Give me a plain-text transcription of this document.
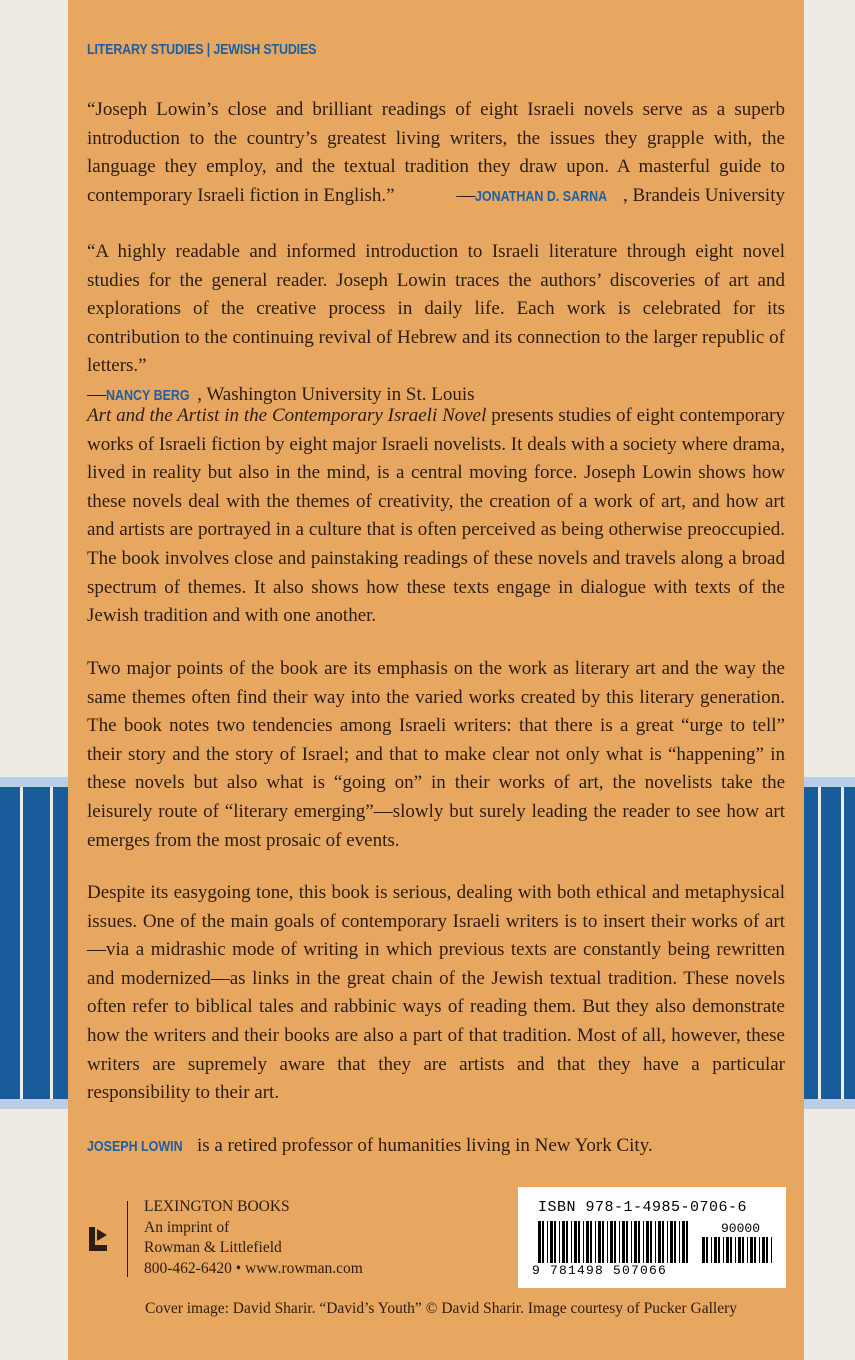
LITERARY STUDIES | JEWISH STUDIES

“Joseph Lowin’s close and brilliant readings of eight Israeli novels serve as a superb introduction to the country’s greatest living writers, the issues they grapple with, the language they employ, and the textual tradition they draw upon. A masterful guide to contemporary Israeli fiction in English.”	—JONATHAN D. SARNA , Brandeis University

“A highly readable and informed introduction to Israeli literature through eight novel studies for the general reader. Joseph Lowin traces the authors’ discoveries of art and explorations of the creative process in daily life. Each work is celebrated for its contribution to the continuing revival of Hebrew and its connection to the larger republic of letters.”
—NANCY BERG , Washington University in St. Louis

Art and the Artist in the Contemporary Israeli Novel presents studies of eight contemporary works of Israeli fiction by eight major Israeli novelists. It deals with a society where drama, lived in reality but also in the mind, is a central moving force. Joseph Lowin shows how these novels deal with the themes of creativity, the creation of a work of art, and how art and artists are portrayed in a culture that is often perceived as being otherwise preoccupied. The book involves close and painstaking readings of these novels and travels along a broad spectrum of themes. It also shows how these texts engage in dialogue with texts of the Jewish tradition and with one another.

Two major points of the book are its emphasis on the work as literary art and the way the same themes often find their way into the varied works created by this literary generation. The book notes two tendencies among Israeli writers: that there is a great “urge to tell” their story and the story of Israel; and that to make clear not only what is “happening” in these novels but also what is “going on” in their works of art, the novelists take the leisurely route of “literary emerging”—slowly but surely leading the reader to see how art emerges from the most prosaic of events.

Despite its easygoing tone, this book is serious, dealing with both ethical and metaphysical issues. One of the main goals of contemporary Israeli writers is to insert their works of art—via a midrashic mode of writing in which previous texts are constantly being rewritten and modernized—as links in the great chain of the Jewish textual tradition. These novels often refer to biblical tales and rabbinic ways of reading them. But they also demonstrate how the writers and their books are also a part of that tradition. Most of all, however, these writers are supremely aware that they are artists and that they have a particular responsibility to their art.

JOSEPH LOWIN is a retired professor of humanities living in New York City.

LEXINGTON BOOKS
An imprint of
Rowman & Littlefield
800-462-6420 • www.rowman.com
ISBN 978-1-4985-0706-6
90000
9 781498 507066

Cover image: David Sharir. “David’s Youth” © David Sharir. Image courtesy of Pucker Gallery
